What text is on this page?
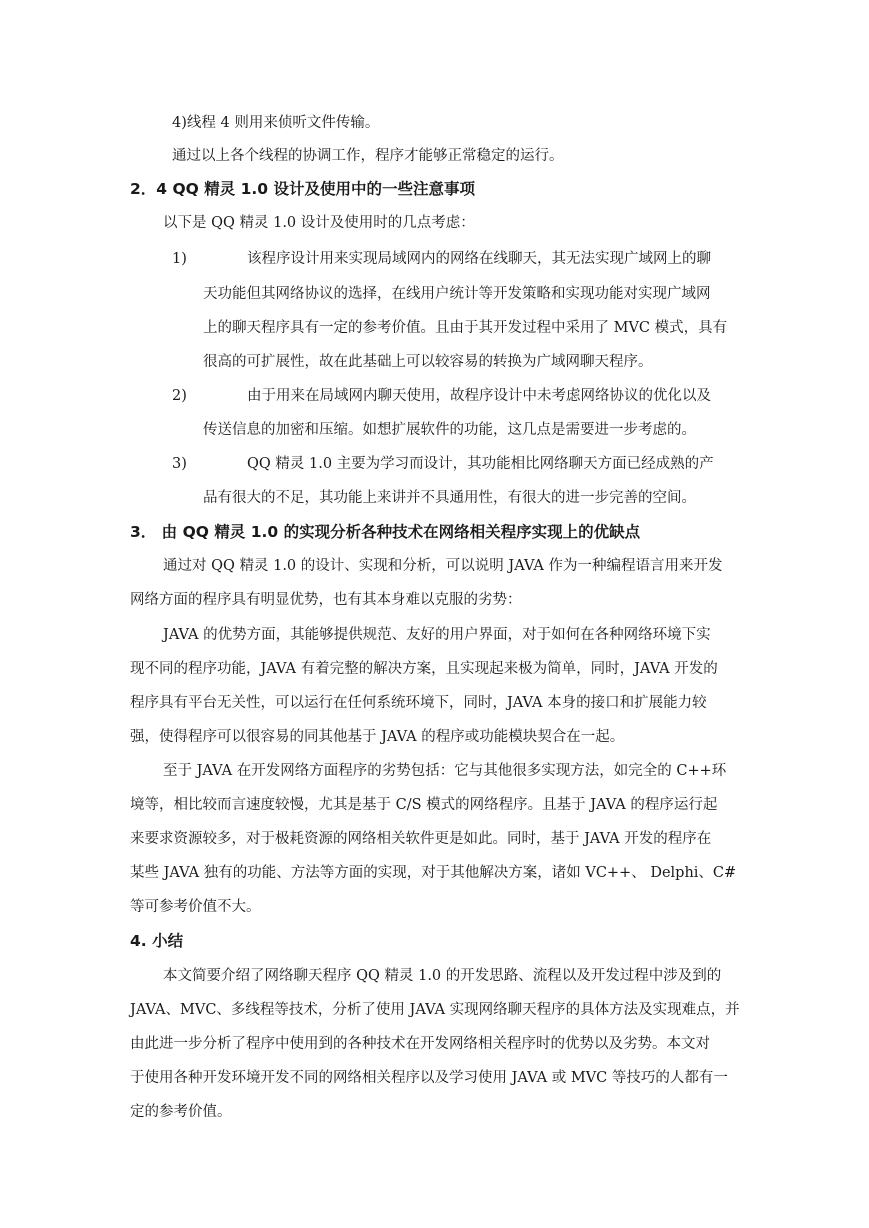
4)线程 4 则用来侦听文件传输。
通过以上各个线程的协调工作，程序才能够正常稳定的运行。
2．4 QQ 精灵 1.0 设计及使用中的一些注意事项
以下是 QQ 精灵 1.0 设计及使用时的几点考虑：
1)	该程序设计用来实现局域网内的网络在线聊天，其无法实现广域网上的聊
天功能但其网络协议的选择，在线用户统计等开发策略和实现功能对实现广域网
上的聊天程序具有一定的参考价值。且由于其开发过程中采用了 MVC 模式，具有
很高的可扩展性，故在此基础上可以较容易的转换为广域网聊天程序。
2)	由于用来在局域网内聊天使用，故程序设计中未考虑网络协议的优化以及
传送信息的加密和压缩。如想扩展软件的功能，这几点是需要进一步考虑的。
3)	QQ 精灵 1.0 主要为学习而设计，其功能相比网络聊天方面已经成熟的产
品有很大的不足，其功能上来讲并不具通用性，有很大的进一步完善的空间。
3． 由 QQ 精灵 1.0 的实现分析各种技术在网络相关程序实现上的优缺点
通过对 QQ 精灵 1.0 的设计、实现和分析，可以说明 JAVA 作为一种编程语言用来开发
网络方面的程序具有明显优势，也有其本身难以克服的劣势：
JAVA 的优势方面，其能够提供规范、友好的用户界面，对于如何在各种网络环境下实
现不同的程序功能，JAVA 有着完整的解决方案，且实现起来极为简单，同时，JAVA 开发的
程序具有平台无关性，可以运行在任何系统环境下，同时，JAVA 本身的接口和扩展能力较
强，使得程序可以很容易的同其他基于 JAVA 的程序或功能模块契合在一起。
至于 JAVA 在开发网络方面程序的劣势包括：它与其他很多实现方法，如完全的 C++环
境等，相比较而言速度较慢，尤其是基于 C/S 模式的网络程序。且基于 JAVA 的程序运行起
来要求资源较多，对于极耗资源的网络相关软件更是如此。同时，基于 JAVA 开发的程序在
某些 JAVA 独有的功能、方法等方面的实现，对于其他解决方案，诸如 VC++、 Delphi、C#
等可参考价值不大。
4. 小结
本文简要介绍了网络聊天程序 QQ 精灵 1.0 的开发思路、流程以及开发过程中涉及到的
JAVA、MVC、多线程等技术，分析了使用 JAVA 实现网络聊天程序的具体方法及实现难点，并
由此进一步分析了程序中使用到的各种技术在开发网络相关程序时的优势以及劣势。本文对
于使用各种开发环境开发不同的网络相关程序以及学习使用 JAVA 或 MVC 等技巧的人都有一
定的参考价值。
